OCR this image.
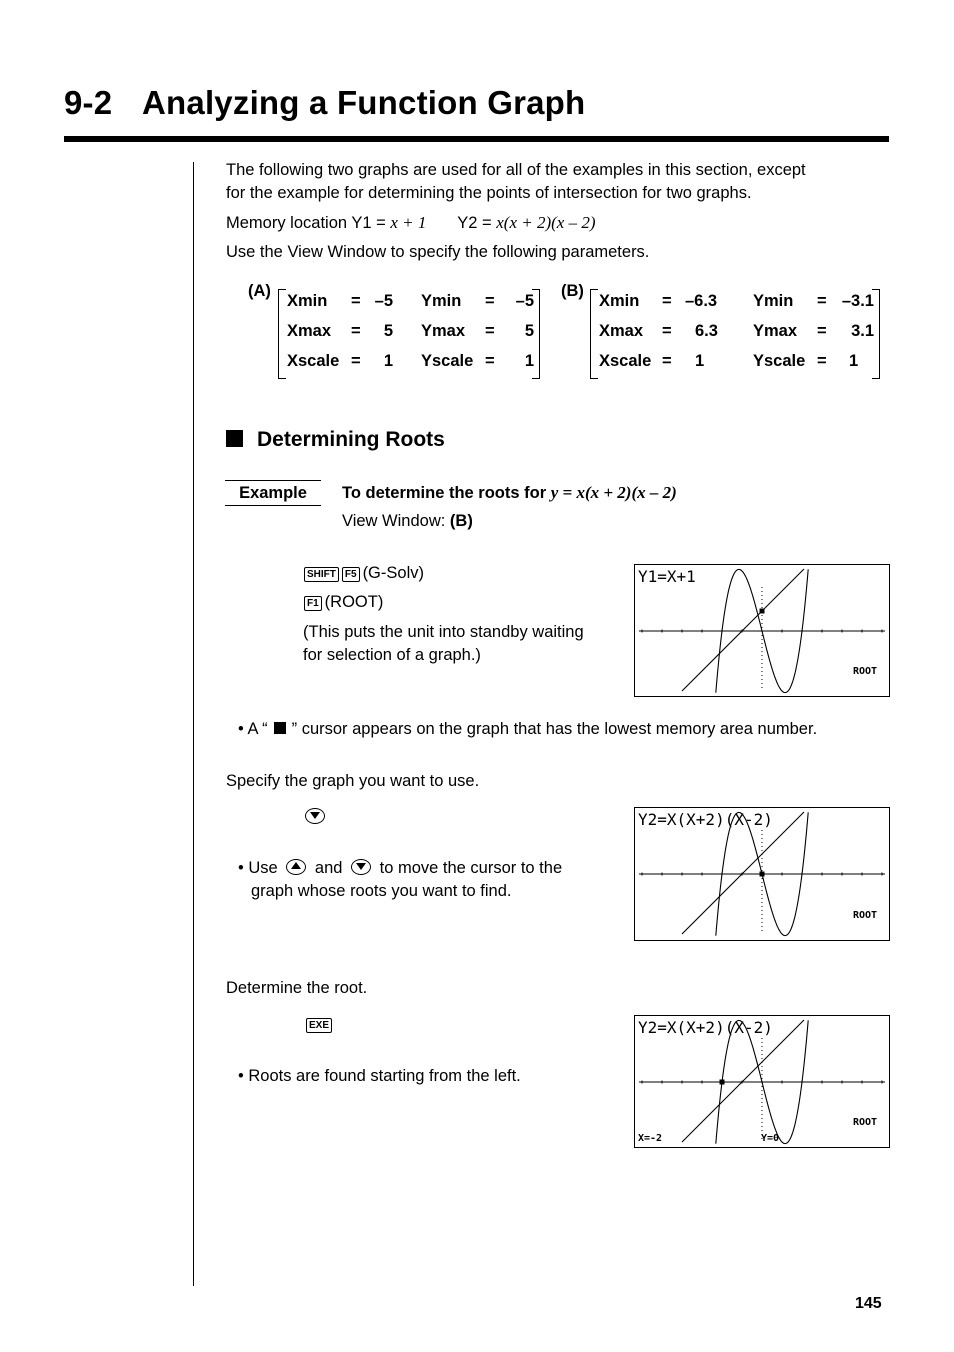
9-2 Analyzing a Function Graph
The following two graphs are used for all of the examples in this section, except
for the example for determining the points of intersection for two graphs.
Memory location Y1 = x + 1 Y2 = x(x + 2)(x – 2)
Use the View Window to specify the following parameters.
(A)
Xmin = –5 Ymin =	–5
Xmax =	5 Ymax =	5
Xscale =	1 Yscale =	1
(B)
Xmin = –6.3 Ymin = –3.1
Xmax = 6.3 Ymax =	3.1
Xscale = 1	Yscale = 1
Determining Roots
Example	To determine the roots for y = x(x + 2)(x – 2)
View Window: (B)
SHIFT F5 (G-Solv)
F1 (ROOT)
(This puts the unit into standby waiting
for selection of a graph.)
Y1=X+1
ROOT
• A “ ” cursor appears on the graph that has the lowest memory area number.
Specify the graph you want to use.
• Use and to move the cursor to the
graph whose roots you want to find.
Y2=X(X+2)(X-2)
ROOT
Determine the root.
EXE
• Roots are found starting from the left.
Y2=X(X+2)(X-2)
ROOT
X=-2	Y=0
145
